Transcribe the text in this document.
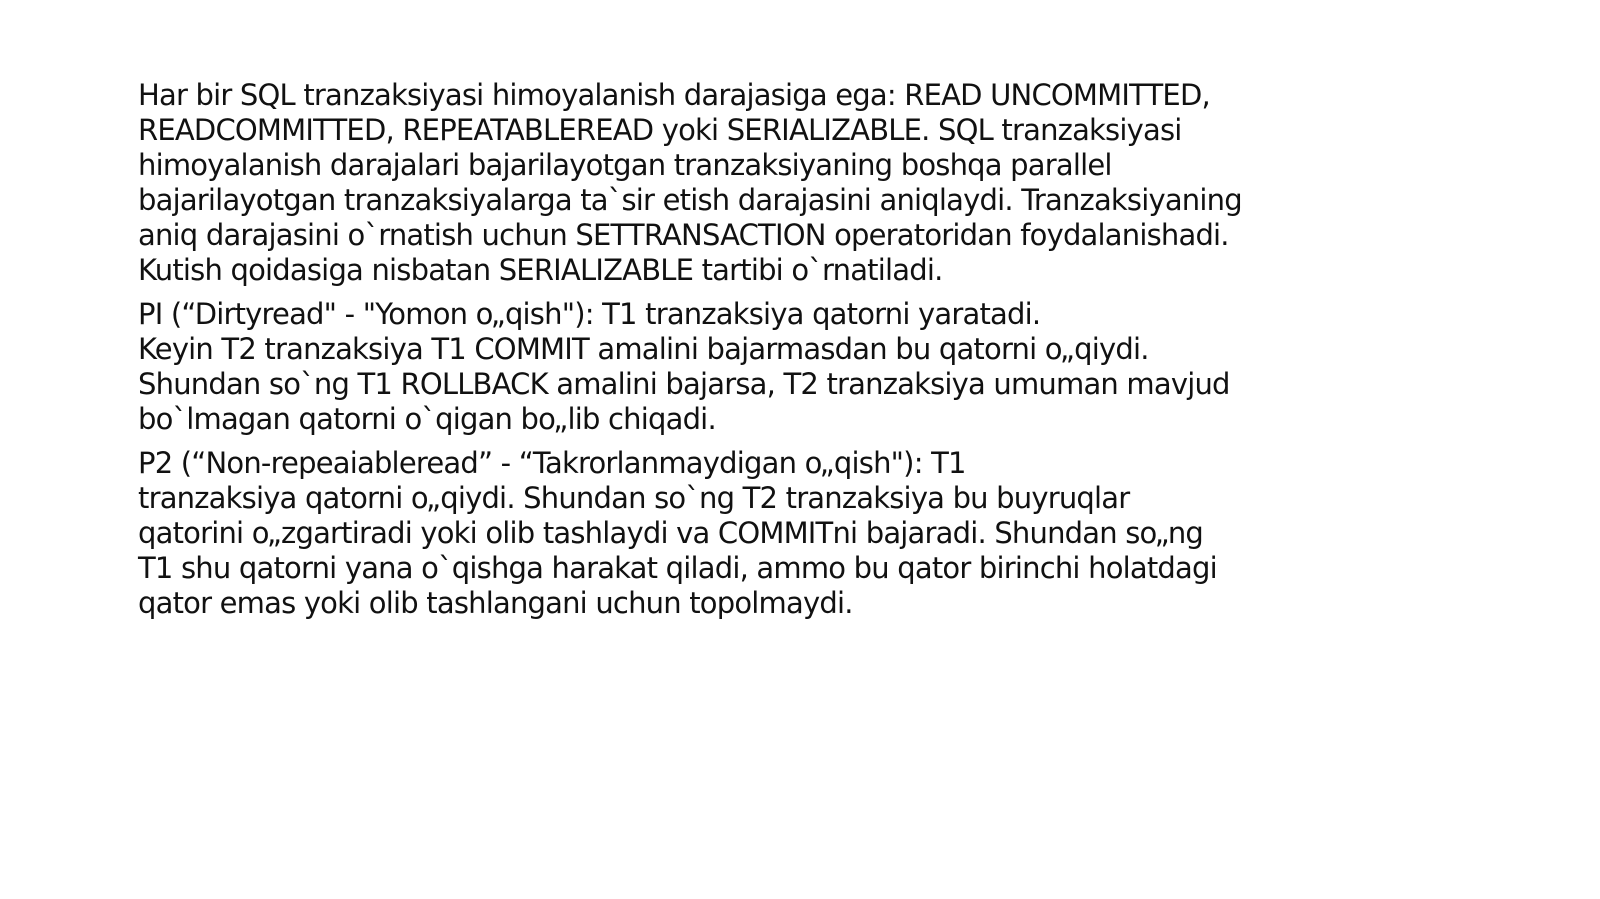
Har bir SQL tranzaksiyasi himoyalanish darajasiga ega: READ UNCOMMITTED,
READCOMMITTED, REPEATABLEREAD yoki SERIALIZABLE. SQL tranzaksiyasi
himoyalanish darajalari bajarilayotgan tranzaksiyaning boshqa parallel
bajarilayotgan tranzaksiyalarga ta`sir etish darajasini aniqlaydi. Tranzaksiyaning
aniq darajasini o`rnatish uchun SETTRANSACTION operatoridan foydalanishadi.
Kutish qoidasiga nisbatan SERIALIZABLE tartibi o`rnatiladi.

PI (“Dirtyread" - "Yomon o„qish"): T1 tranzaksiya qatorni yaratadi.
Keyin T2 tranzaksiya T1 COMMIT amalini bajarmasdan bu qatorni o„qiydi.
Shundan so`ng T1 ROLLBACK amalini bajarsa, T2 tranzaksiya umuman mavjud
bo`lmagan qatorni o`qigan bo„lib chiqadi.

P2 (“Non-repeaiableread” - “Takrorlanmaydigan o„qish"): T1
tranzaksiya qatorni o„qiydi. Shundan so`ng T2 tranzaksiya bu buyruqlar
qatorini o„zgartiradi yoki olib tashlaydi va COMMITni bajaradi. Shundan so„ng
T1 shu qatorni yana o`qishga harakat qiladi, ammo bu qator birinchi holatdagi
qator emas yoki olib tashlangani uchun topolmaydi.
